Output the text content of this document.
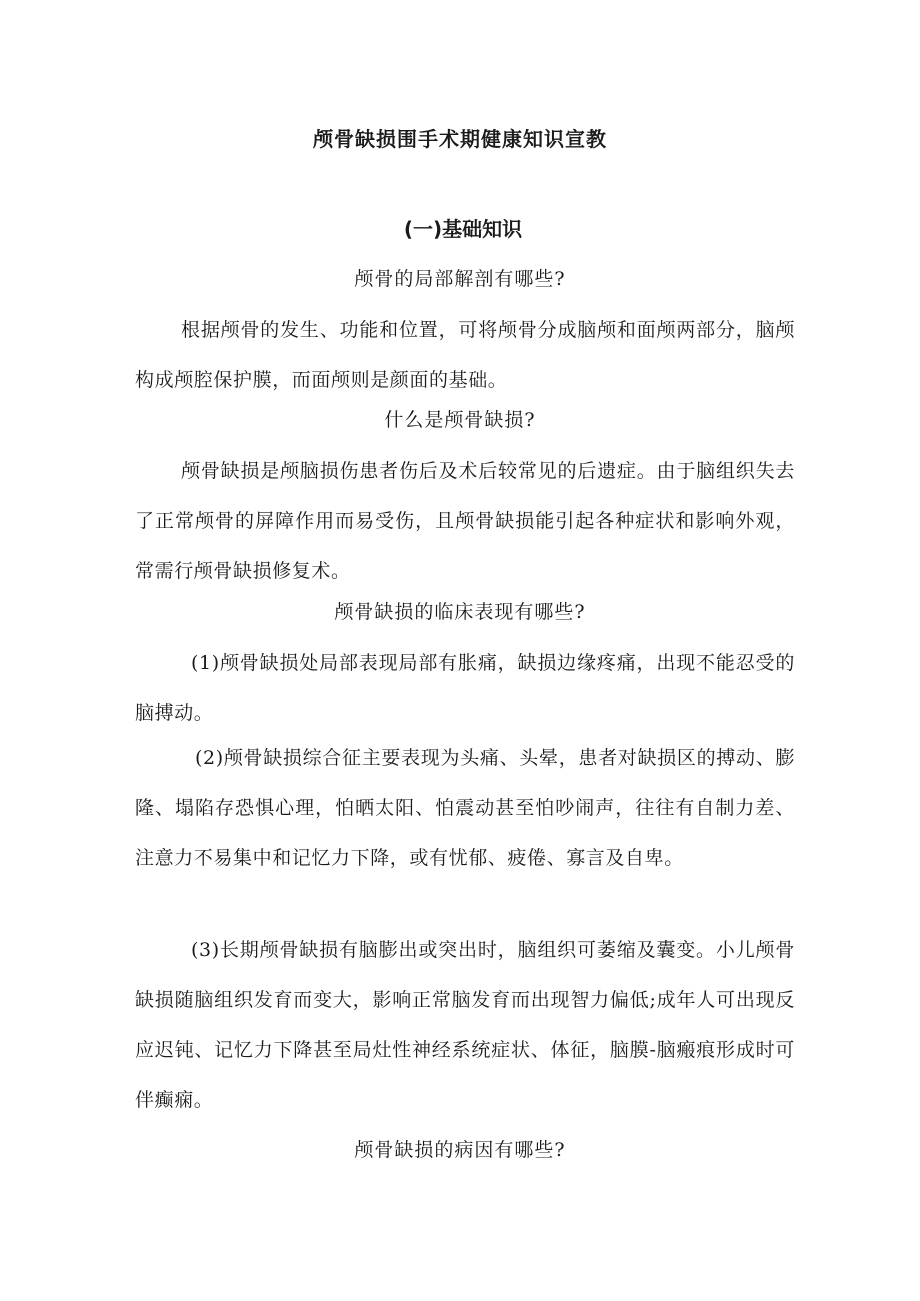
颅骨缺损围手术期健康知识宣教
(一)基础知识
颅骨的局部解剖有哪些?
根据颅骨的发生、功能和位置，可将颅骨分成脑颅和面颅两部分，脑颅构成颅腔保护膜，而面颅则是颜面的基础。
什么是颅骨缺损?
颅骨缺损是颅脑损伤患者伤后及术后较常见的后遗症。由于脑组织失去了正常颅骨的屏障作用而易受伤，且颅骨缺损能引起各种症状和影响外观，常需行颅骨缺损修复术。
颅骨缺损的临床表现有哪些?
(1)颅骨缺损处局部表现局部有胀痛，缺损边缘疼痛，出现不能忍受的脑搏动。
(2)颅骨缺损综合征主要表现为头痛、头晕，患者对缺损区的搏动、膨隆、塌陷存恐惧心理，怕晒太阳、怕震动甚至怕吵闹声，往往有自制力差、注意力不易集中和记忆力下降，或有忧郁、疲倦、寡言及自卑。
(3)长期颅骨缺损有脑膨出或突出时，脑组织可萎缩及囊变。小儿颅骨缺损随脑组织发育而变大，影响正常脑发育而出现智力偏低;成年人可出现反应迟钝、记忆力下降甚至局灶性神经系统症状、体征，脑膜-脑瘢痕形成时可伴癫痫。
颅骨缺损的病因有哪些?
